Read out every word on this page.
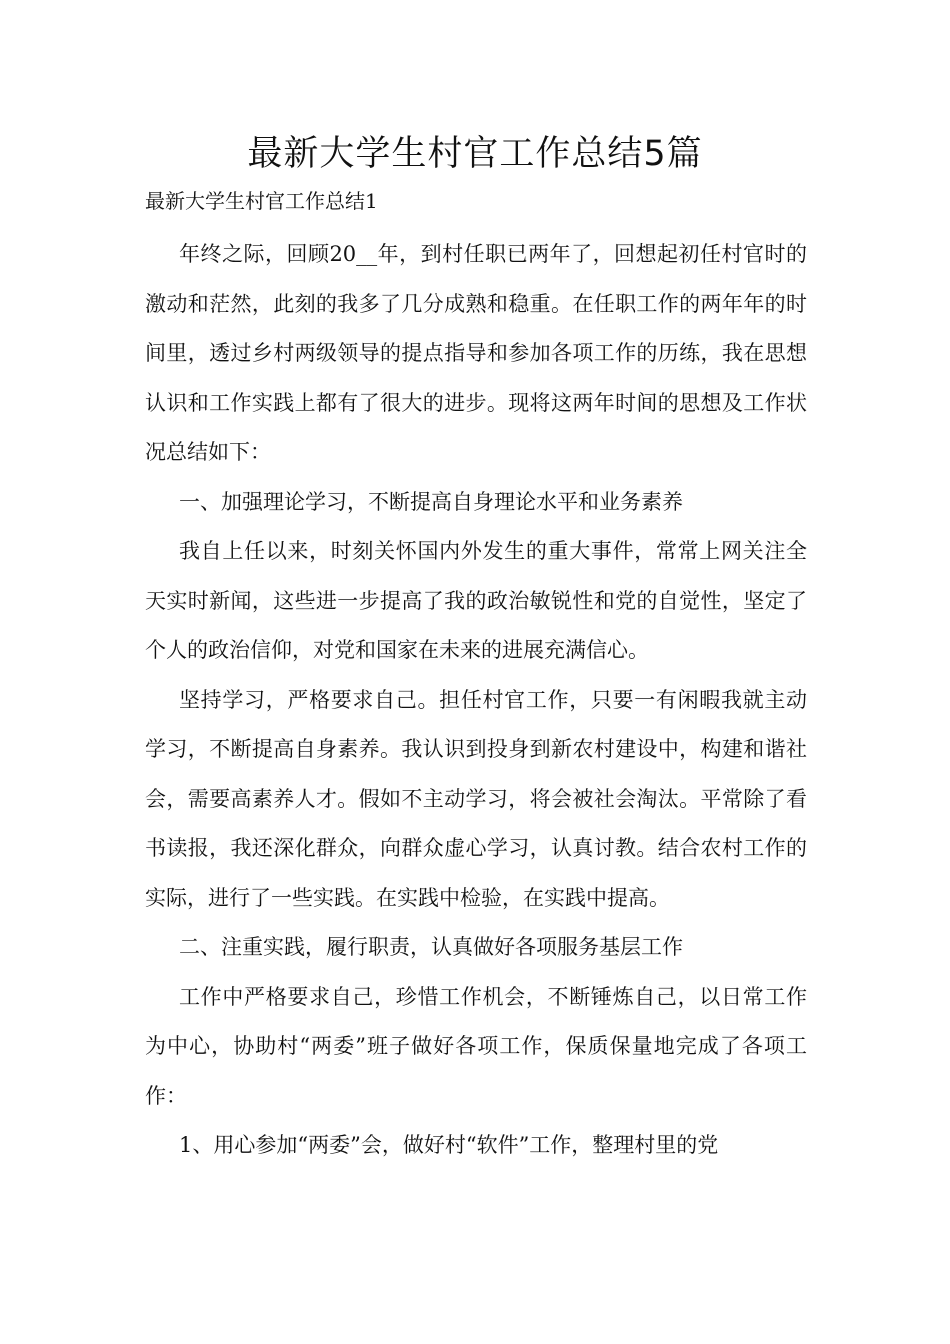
最新大学生村官工作总结5篇

最新大学生村官工作总结1

年终之际，回顾20__年，到村任职已两年了，回想起初任村官时的激动和茫然，此刻的我多了几分成熟和稳重。在任职工作的两年年的时间里，透过乡村两级领导的提点指导和参加各项工作的历练，我在思想认识和工作实践上都有了很大的进步。现将这两年时间的思想及工作状况总结如下：

一、加强理论学习，不断提高自身理论水平和业务素养

我自上任以来，时刻关怀国内外发生的重大事件，常常上网关注全天实时新闻，这些进一步提高了我的政治敏锐性和党的自觉性，坚定了个人的政治信仰，对党和国家在未来的进展充满信心。

坚持学习，严格要求自己。担任村官工作，只要一有闲暇我就主动学习，不断提高自身素养。我认识到投身到新农村建设中，构建和谐社会，需要高素养人才。假如不主动学习，将会被社会淘汰。平常除了看书读报，我还深化群众，向群众虚心学习，认真讨教。结合农村工作的实际，进行了一些实践。在实践中检验，在实践中提高。

二、注重实践，履行职责，认真做好各项服务基层工作

工作中严格要求自己，珍惜工作机会，不断锤炼自己，以日常工作为中心，协助村“两委”班子做好各项工作，保质保量地完成了各项工作：

1、用心参加“两委”会，做好村“软件”工作，整理村里的党
